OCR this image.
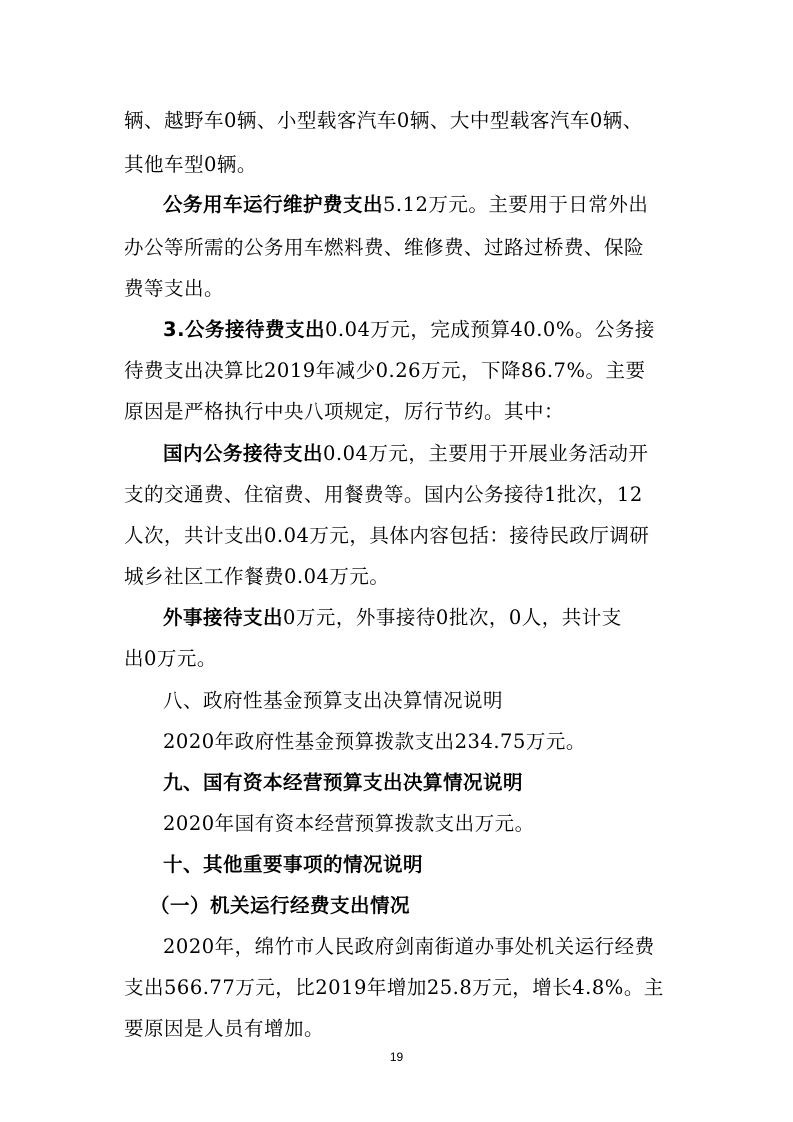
辆、越野车0辆、小型载客汽车0辆、大中型载客汽车0辆、
其他车型0辆。
公务用车运行维护费支出5.12万元。主要用于日常外出
办公等所需的公务用车燃料费、维修费、过路过桥费、保险
费等支出。
3.公务接待费支出0.04万元，完成预算40.0%。公务接
待费支出决算比2019年减少0.26万元，下降86.7%。主要
原因是严格执行中央八项规定，厉行节约。其中：
国内公务接待支出0.04万元，主要用于开展业务活动开
支的交通费、住宿费、用餐费等。国内公务接待1批次，12
人次，共计支出0.04万元，具体内容包括：接待民政厅调研
城乡社区工作餐费0.04万元。
外事接待支出0万元，外事接待0批次，0人，共计支
出0万元。
八、政府性基金预算支出决算情况说明
2020年政府性基金预算拨款支出234.75万元。
九、国有资本经营预算支出决算情况说明
2020年国有资本经营预算拨款支出万元。
十、其他重要事项的情况说明
（一）机关运行经费支出情况
2020年，绵竹市人民政府剑南街道办事处机关运行经费
支出566.77万元，比2019年增加25.8万元，增长4.8%。主
要原因是人员有增加。
19
